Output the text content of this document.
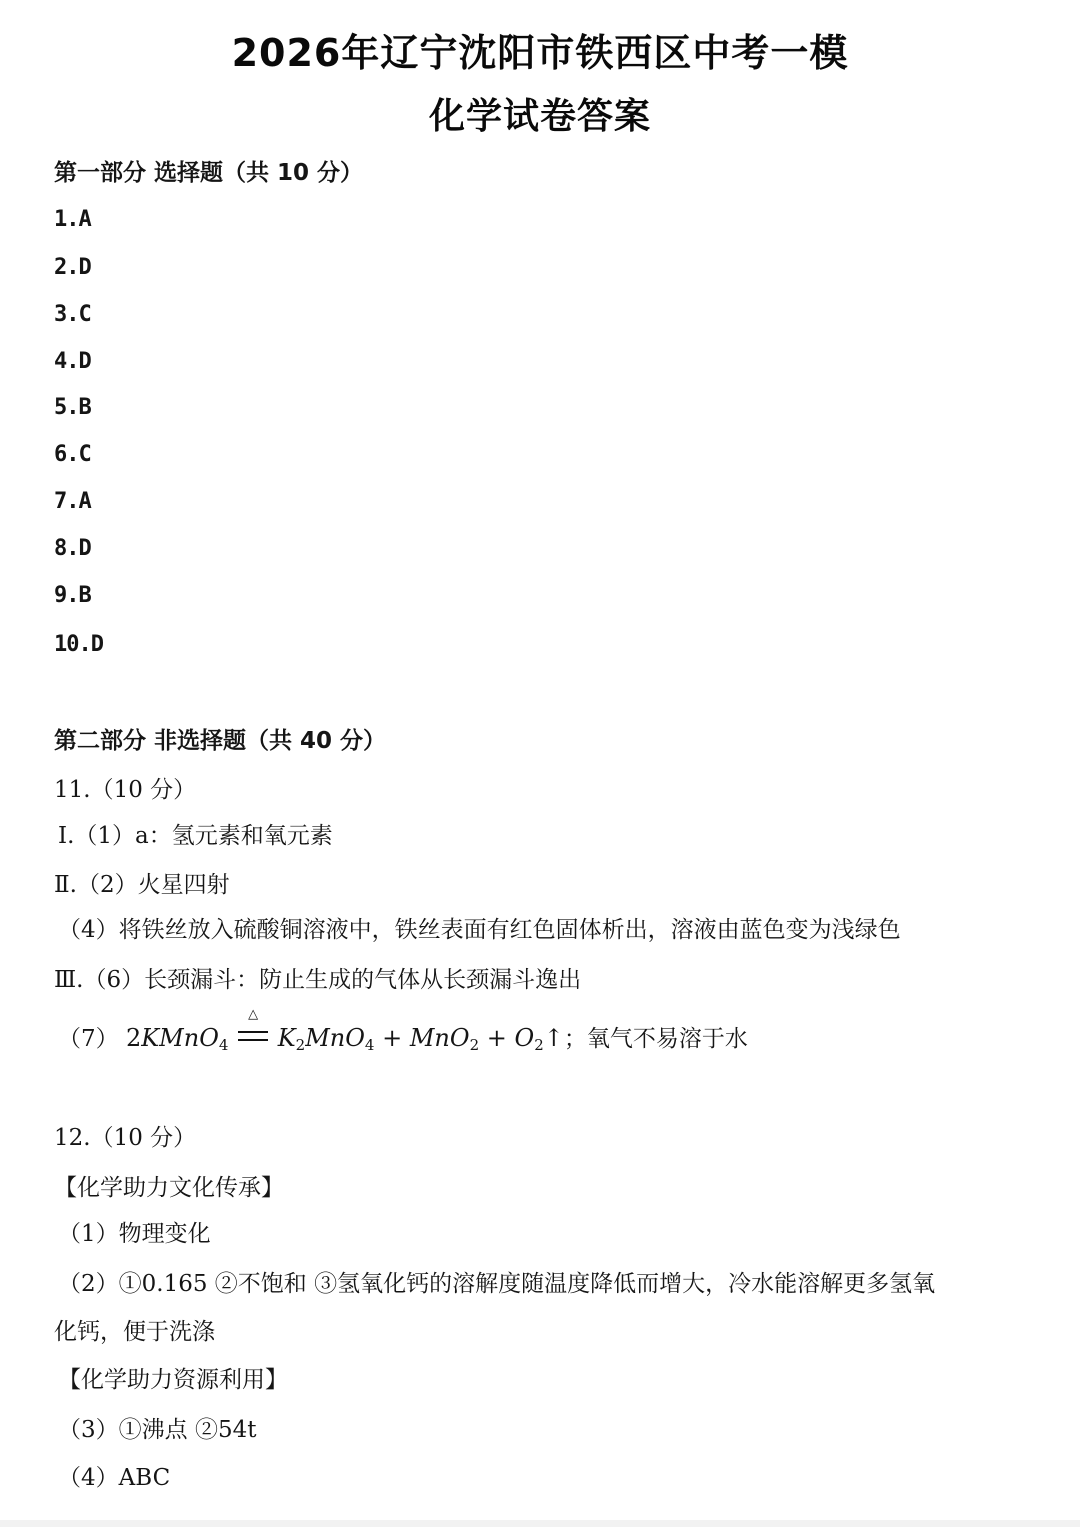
2026年辽宁沈阳市铁西区中考一模
化学试卷答案
第一部分 选择题（共 10 分）
1.A
2.D
3.C
4.D
5.B
6.C
7.A
8.D
9.B
10.D
第二部分 非选择题（共 40 分）
11.（10 分）
Ⅰ.（1）a：氢元素和氧元素
Ⅱ.（2）火星四射
（4）将铁丝放入硫酸铜溶液中，铁丝表面有红色固体析出，溶液由蓝色变为浅绿色
Ⅲ.（6）长颈漏斗：防止生成的气体从长颈漏斗逸出
（7） 2KMnO$_4$
△
$K_2MnO_4 + MnO_2$ + $O_2↑$；氧气不易溶于水
12.（10 分）
【化学助力文化传承】
（1）物理变化
（2）①0.165 ②不饱和 ③氢氧化钙的溶解度随温度降低而增大，冷水能溶解更多氢氧
化钙，便于洗涤
【化学助力资源利用】
（3）①沸点 ②54t
（4）ABC
